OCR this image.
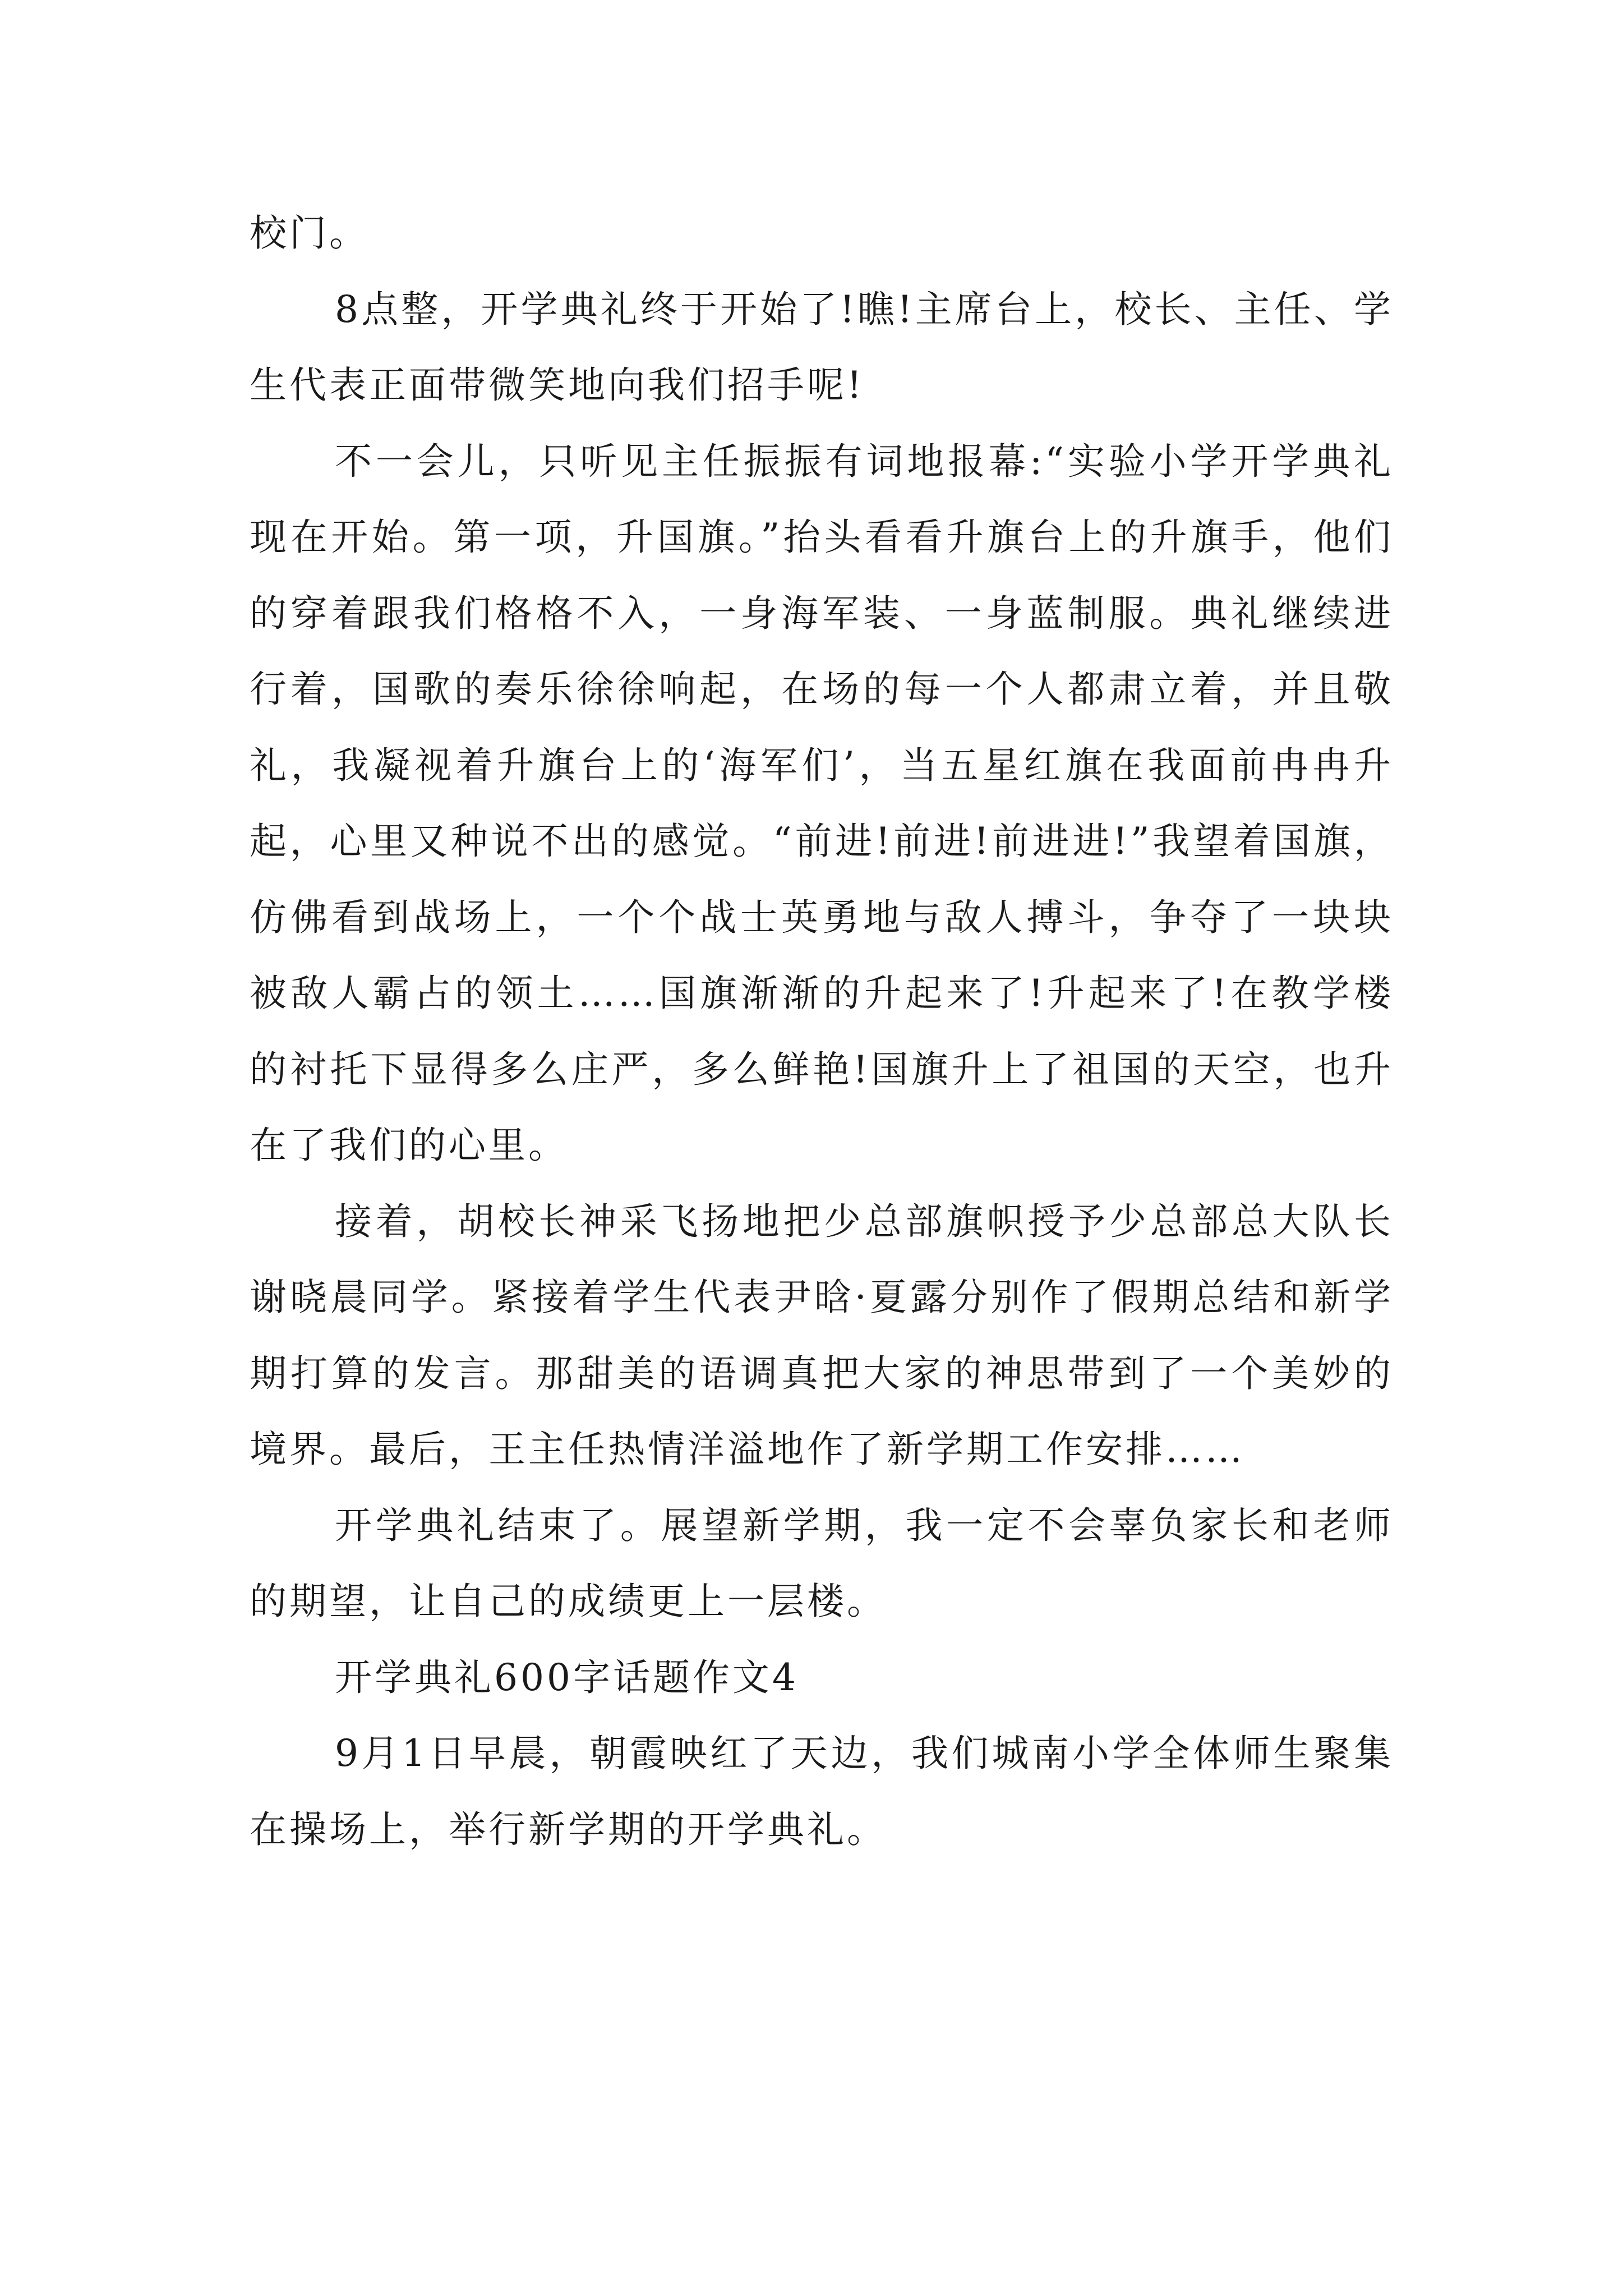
校门。

8点整，开学典礼终于开始了!瞧!主席台上，校长、主任、学生代表正面带微笑地向我们招手呢!

不一会儿，只听见主任振振有词地报幕:“实验小学开学典礼现在开始。第一项，升国旗。”抬头看看升旗台上的升旗手，他们的穿着跟我们格格不入，一身海军装、一身蓝制服。典礼继续进行着，国歌的奏乐徐徐响起，在场的每一个人都肃立着，并且敬礼，我凝视着升旗台上的‘海军们’，当五星红旗在我面前冉冉升起，心里又种说不出的感觉。“前进!前进!前进进!”我望着国旗，仿佛看到战场上，一个个战士英勇地与敌人搏斗，争夺了一块块被敌人霸占的领土……国旗渐渐的升起来了!升起来了!在教学楼的衬托下显得多么庄严，多么鲜艳!国旗升上了祖国的天空，也升在了我们的心里。

接着，胡校长神采飞扬地把少总部旗帜授予少总部总大队长谢晓晨同学。紧接着学生代表尹晗·夏露分别作了假期总结和新学期打算的发言。那甜美的语调真把大家的神思带到了一个美妙的境界。最后，王主任热情洋溢地作了新学期工作安排……

开学典礼结束了。展望新学期，我一定不会辜负家长和老师的期望，让自己的成绩更上一层楼。

开学典礼600字话题作文4

9月1日早晨，朝霞映红了天边，我们城南小学全体师生聚集在操场上，举行新学期的开学典礼。
